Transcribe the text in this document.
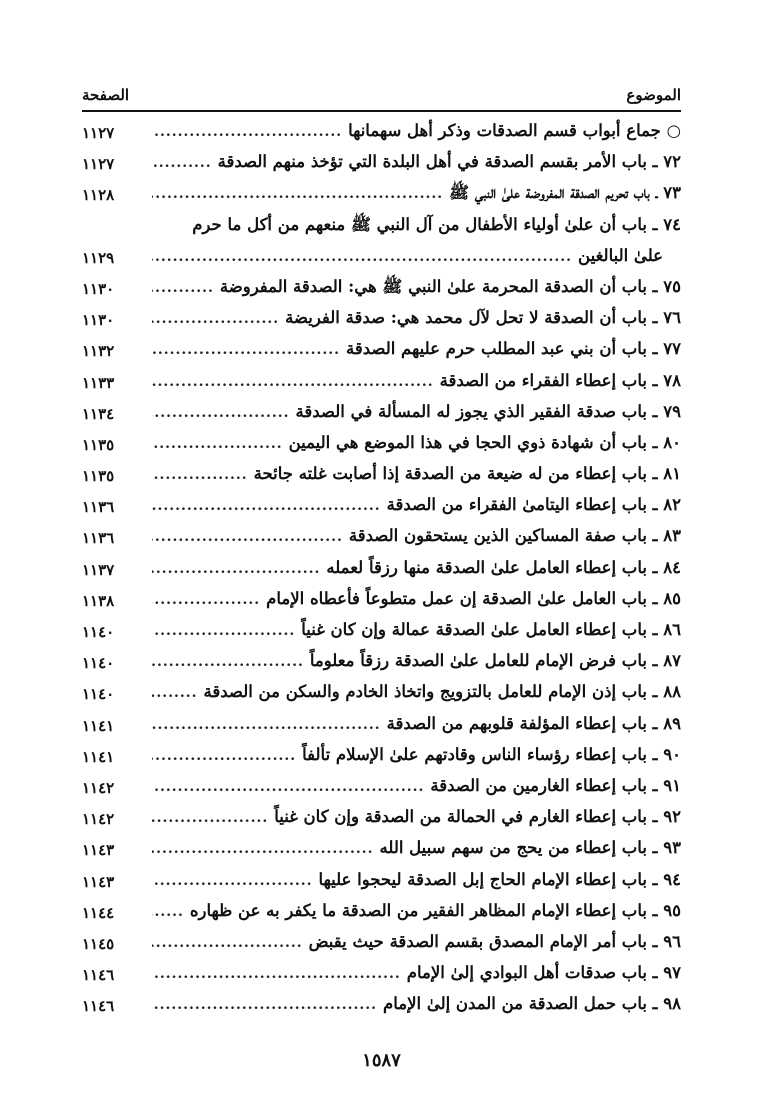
الموضوع
الصفحة
○ جماع أبواب قسم الصدقات وذكر أهل سهمانها
.....
١١٢٧
٧٢ ـ باب الأمر بقسم الصدقة في أهل البلدة التي تؤخذ منهم الصدقة
.....
١١٢٧
٧٣ ـ باب تحريم الصدقة المفروضة علىٰ النبي ﷺ
.....
١١٢٨
٧٤ ـ باب أن علىٰ أولياء الأطفال من آل النبي ﷺ منعهم من أكل ما حرم
علىٰ البالغين
.....
١١٢٩
٧٥ ـ باب أن الصدقة المحرمة علىٰ النبي ﷺ هي: الصدقة المفروضة
.....
١١٣٠
٧٦ ـ باب أن الصدقة لا تحل لآل محمد هي: صدقة الفريضة
.....
١١٣٠
٧٧ ـ باب أن بني عبد المطلب حرم عليهم الصدقة
.....
١١٣٢
٧٨ ـ باب إعطاء الفقراء من الصدقة
.....
١١٣٣
٧٩ ـ باب صدقة الفقير الذي يجوز له المسألة في الصدقة
.....
١١٣٤
٨٠ ـ باب أن شهادة ذوي الحجا في هذا الموضع هي اليمين
.....
١١٣٥
٨١ ـ باب إعطاء من له ضيعة من الصدقة إذا أصابت غلته جائحة
.....
١١٣٥
٨٢ ـ باب إعطاء اليتامىٰ الفقراء من الصدقة
.....
١١٣٦
٨٣ ـ باب صفة المساكين الذين يستحقون الصدقة
.....
١١٣٦
٨٤ ـ باب إعطاء العامل علىٰ الصدقة منها رزقاً لعمله
.....
١١٣٧
٨٥ ـ باب العامل علىٰ الصدقة إن عمل متطوعاً فأعطاه الإمام
.....
١١٣٨
٨٦ ـ باب إعطاء العامل علىٰ الصدقة عمالة وإن كان غنياً
.....
١١٤٠
٨٧ ـ باب فرض الإمام للعامل علىٰ الصدقة رزقاً معلوماً
.....
١١٤٠
٨٨ ـ باب إذن الإمام للعامل بالتزويج واتخاذ الخادم والسكن من الصدقة
.....
١١٤٠
٨٩ ـ باب إعطاء المؤلفة قلوبهم من الصدقة
.....
١١٤١
٩٠ ـ باب إعطاء رؤساء الناس وقادتهم علىٰ الإسلام تألفاً
.....
١١٤١
٩١ ـ باب إعطاء الغارمين من الصدقة
.....
١١٤٢
٩٢ ـ باب إعطاء الغارم في الحمالة من الصدقة وإن كان غنياً
.....
١١٤٢
٩٣ ـ باب إعطاء من يحج من سهم سبيل الله
.....
١١٤٣
٩٤ ـ باب إعطاء الإمام الحاج إبل الصدقة ليحجوا عليها
.....
١١٤٣
٩٥ ـ باب إعطاء الإمام المظاهر الفقير من الصدقة ما يكفر به عن ظهاره
.....
١١٤٤
٩٦ ـ باب أمر الإمام المصدق بقسم الصدقة حيث يقبض
.....
١١٤٥
٩٧ ـ باب صدقات أهل البوادي إلىٰ الإمام
.....
١١٤٦
٩٨ ـ باب حمل الصدقة من المدن إلىٰ الإمام
.....
١١٤٦
١٥٨٧
